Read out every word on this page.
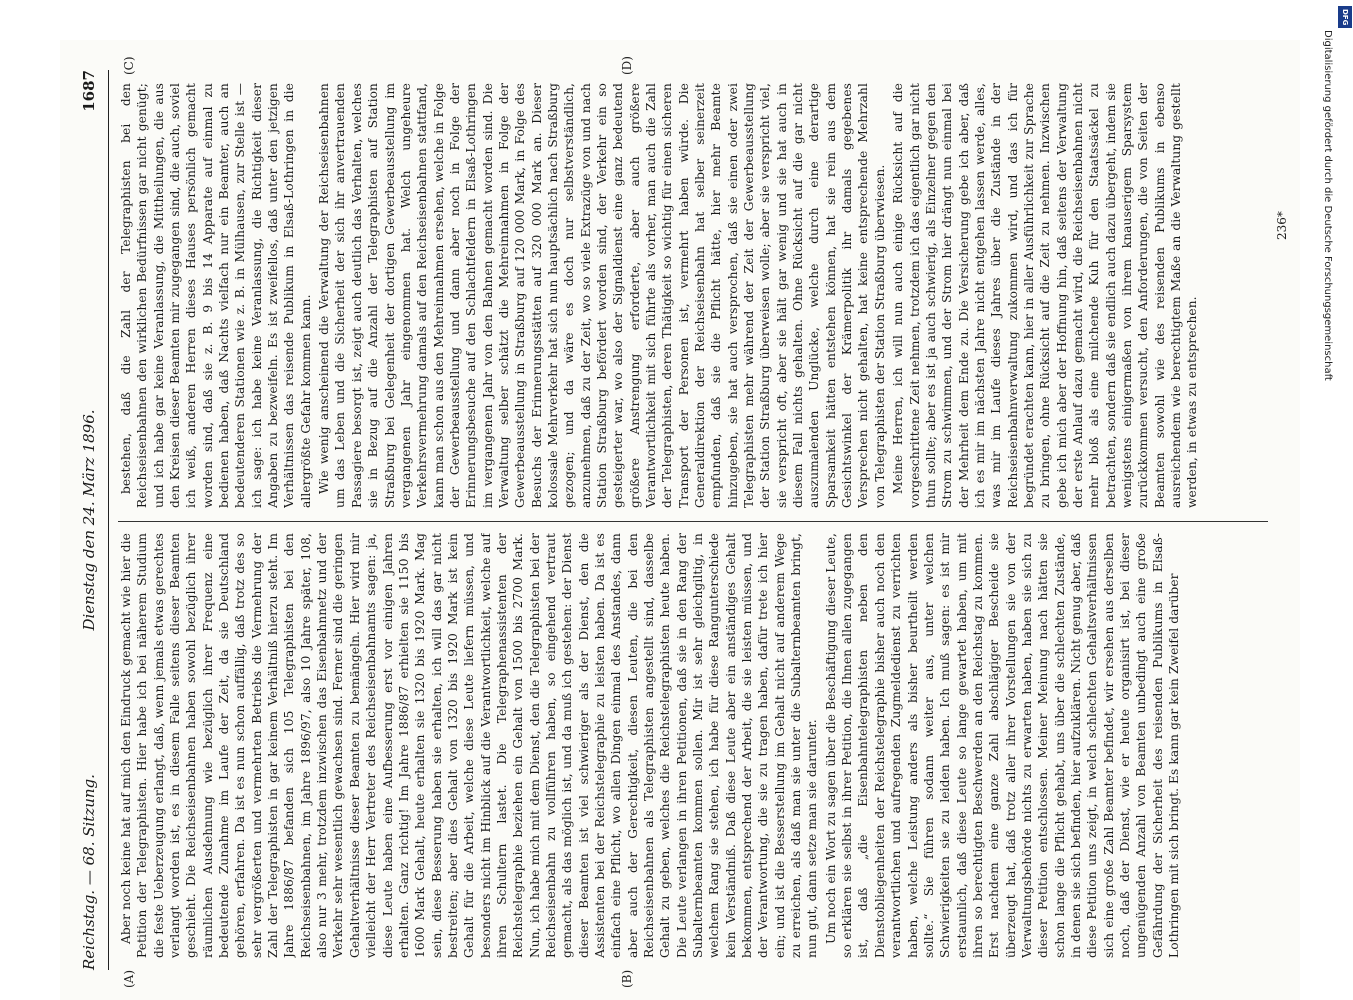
Reichstag. — 68. Sitzung.
Dienstag den 24. März 1896.
1687
(A)	(B)
(C)	(D)

Aber noch keine hat auf mich den Eindruck gemacht wie hier die Petition der Telegraphisten. Hier habe ich bei näherem Studium die feste Ueberzeugung erlangt, daß, wenn jemals etwas gerechtes verlangt worden ist, es in diesem Falle seitens dieser Beamten geschieht. Die Reichseisenbahnen haben sowohl bezüglich ihrer räumlichen Ausdehnung wie bezüglich ihrer Frequenz eine bedeutende Zunahme im Laufe der Zeit, da sie Deutschland gehören, erfahren. Da ist es nun schon auffällig, daß trotz des so sehr vergrößerten und vermehrten Betriebs die Vermehrung der Zahl der Telegraphisten in gar keinem Verhältniß hierzu steht. Im Jahre 1886/87 befanden sich 105 Telegraphisten bei den Reichseisenbahnen, im Jahre 1896/97, also 10 Jahre später, 108, also nur 3 mehr, trotzdem inzwischen das Eisenbahnnetz und der Verkehr sehr wesentlich gewachsen sind. Ferner sind die geringen Gehaltverhältnisse dieser Beamten zu bemängeln. Hier wird mir vielleicht der Herr Vertreter des Reichseisenbahnamts sagen: ja, diese Leute haben eine Aufbesserung erst vor einigen Jahren erhalten. Ganz richtig! Im Jahre 1886/87 erhielten sie 1150 bis 1600 Mark Gehalt, heute erhalten sie 1320 bis 1920 Mark. Mag sein, diese Besserung haben sie erhalten, ich will das gar nicht bestreiten; aber dies Gehalt von 1320 bis 1920 Mark ist kein Gehalt für die Arbeit, welche diese Leute liefern müssen, und besonders nicht im Hinblick auf die Verantwortlichkeit, welche auf ihren Schultern lastet. Die Telegraphenassistenten der Reichstelegraphie beziehen ein Gehalt von 1500 bis 2700 Mark. Nun, ich habe mich mit dem Dienst, den die Telegraphisten bei der Reichseisenbahn zu vollführen haben, so eingehend vertraut gemacht, als das möglich ist, und da muß ich gestehen: der Dienst dieser Beamten ist viel schwieriger als der Dienst, den die Assistenten bei der Reichstelegraphie zu leisten haben. Da ist es einfach eine Pflicht, wo allen Dingen einmal des Anstandes, dann aber auch der Gerechtigkeit, diesen Leuten, die bei den Reichseisenbahnen als Telegraphisten angestellt sind, dasselbe Gehalt zu geben, welches die Reichstelegraphisten heute haben. Die Leute verlangen in ihren Petitionen, daß sie in den Rang der Subalternbeamten kommen sollen. Mir ist sehr gleichgiltig, in welchem Rang sie stehen, ich habe für diese Rangunterschiede kein Verständniß. Daß diese Leute aber ein anständiges Gehalt bekommen, entsprechend der Arbeit, die sie leisten müssen, und der Verantwortung, die sie zu tragen haben, dafür trete ich hier ein; und ist die Besserstellung im Gehalt nicht auf anderem Wege zu erreichen, als daß man sie unter die Subalternbeamten bringt, nun gut, dann setze man sie darunter. Um noch ein Wort zu sagen über die Beschäftigung dieser Leute, so erklären sie selbst in ihrer Petition, die Ihnen allen zugegangen ist, daß „die Eisenbahntelegraphisten neben den Dienstobliegenheiten der Reichstelegraphie bisher auch noch den verantwortlichen und aufregenden Zugmeldedienst zu verrichten haben, welche Leistung anders als bisher beurtheilt werden sollte.“ Sie führen sodann weiter aus, unter welchen Schwierigkeiten sie zu leiden haben. Ich muß sagen: es ist mir erstaunlich, daß diese Leute so lange gewartet haben, um mit ihren so berechtigten Beschwerden an den Reichstag zu kommen. Erst nachdem eine ganze Zahl abschlägiger Bescheide sie überzeugt hat, daß trotz aller ihrer Vorstellungen sie von der Verwaltungsbehörde nichts zu erwarten haben, haben sie sich zu dieser Petition entschlossen. Meiner Meinung nach hätten sie schon lange die Pflicht gehabt, uns über die schlechten Zustände, in denen sie sich befinden, hier aufzuklären. Nicht genug aber, daß diese Petition uns zeigt, in welch schlechten Gehaltsverhältnissen sich eine große Zahl Beamter befindet, wir ersehen aus derselben noch, daß der Dienst, wie er heute organisirt ist, bei dieser ungenügenden Anzahl von Beamten unbedingt auch eine große Gefährdung der Sicherheit des reisenden Publikums in Elsaß-Lothringen mit sich bringt. Es kann gar kein Zweifel darüber

bestehen, daß die Zahl der Telegraphisten bei den Reichseisenbahnen den wirklichen Bedürfnissen gar nicht genügt; und ich habe gar keine Veranlassung, die Mittheilungen, die aus den Kreisen dieser Beamten mir zugegangen sind, die auch, soviel ich weiß, anderen Herren dieses Hauses persönlich gemacht worden sind, daß sie z. B. 9 bis 14 Apparate auf einmal zu bedienen haben, daß Nachts vielfach nur ein Beamter, auch an bedeutenderen Stationen wie z. B. in Mülhausen, zur Stelle ist — ich sage: ich habe keine Veranlassung, die Richtigkeit dieser Angaben zu bezweifeln. Es ist zweifellos, daß unter den jetzigen Verhältnissen das reisende Publikum in Elsaß-Lothringen in die allergrößte Gefahr kommen kann. Wie wenig anscheinend die Verwaltung der Reichseisenbahnen um das Leben und die Sicherheit der sich ihr anvertrauenden Passagiere besorgt ist, zeigt auch deutlich das Verhalten, welches sie in Bezug auf die Anzahl der Telegraphisten auf Station Straßburg bei Gelegenheit der dortigen Gewerbeausstellung im vergangenen Jahr eingenommen hat. Welch ungeheure Verkehrsvermehrung damals auf den Reichseisenbahnen stattfand, kann man schon aus den Mehreinnahmen ersehen, welche in Folge der Gewerbeausstellung und dann aber noch in Folge der Erinnerungsbesuche auf den Schlachtfeldern in Elsaß-Lothringen im vergangenen Jahr von den Bahnen gemacht worden sind. Die Verwaltung selber schätzt die Mehreinnahmen in Folge der Gewerbeausstellung in Straßburg auf 120 000 Mark, in Folge des Besuchs der Erinnerungsstätten auf 320 000 Mark an. Dieser kolossale Mehrverkehr hat sich nun hauptsächlich nach Straßburg gezogen; und da wäre es doch nur selbstverständlich, anzunehmen, daß zu der Zeit, wo so viele Extrazüge von und nach Station Straßburg befördert worden sind, der Verkehr ein so gesteigerter war, wo also der Signaldienst eine ganz bedeutend größere Anstrengung erforderte, aber auch größere Verantwortlichkeit mit sich führte als vorher, man auch die Zahl der Telegraphisten, deren Thätigkeit so wichtig für einen sicheren Transport der Personen ist, vermehrt haben würde. Die Generaldirektion der Reichseisenbahn hat selber seinerzeit empfunden, daß sie die Pflicht hätte, hier mehr Beamte hinzugeben, sie hat auch versprochen, daß sie einen oder zwei Telegraphisten mehr während der Zeit der Gewerbeausstellung der Station Straßburg überweisen wolle; aber sie verspricht viel, sie verspricht oft, aber sie hält gar wenig und sie hat auch in diesem Fall nichts gehalten. Ohne Rücksicht auf die gar nicht auszumalenden Unglücke, welche durch eine derartige Sparsamkeit hätten entstehen können, hat sie rein aus dem Gesichtswinkel der Krämerpolitik ihr damals gegebenes Versprechen nicht gehalten, hat keine entsprechende Mehrzahl von Telegraphisten der Station Straßburg überwiesen. Meine Herren, ich will nun auch einige Rücksicht auf die vorgeschrittene Zeit nehmen, trotzdem ich das eigentlich gar nicht thun sollte; aber es ist ja auch schwierig, als Einzelner gegen den Strom zu schwimmen, und der Strom hier drängt nun einmal bei der Mehrheit dem Ende zu. Die Versicherung gebe ich aber, daß ich es mir im nächsten Jahre nicht entgehen lassen werde, alles, was mir im Laufe dieses Jahres über die Zustände in der Reichseisenbahnverwaltung zukommen wird, und das ich für begründet erachten kann, hier in aller Ausführlichkeit zur Sprache zu bringen, ohne Rücksicht auf die Zeit zu nehmen. Inzwischen gebe ich mich aber der Hoffnung hin, daß seitens der Verwaltung der erste Anlauf dazu gemacht wird, die Reichseisenbahnen nicht mehr bloß als eine milchende Kuh für den Staatssäckel zu betrachten, sondern daß sie endlich auch dazu übergeht, indem sie wenigstens einigermaßen von ihrem knauserigem Sparsystem zurückkommen versucht, den Anforderungen, die von Seiten der Beamten sowohl wie des reisenden Publikums in ebenso ausreichendem wie berechtigtem Maße an die Verwaltung gestellt werden, in etwas zu entsprechen.

236*
DFG
Digitalisierung gefördert durch die Deutsche Forschungsgemeinschaft
